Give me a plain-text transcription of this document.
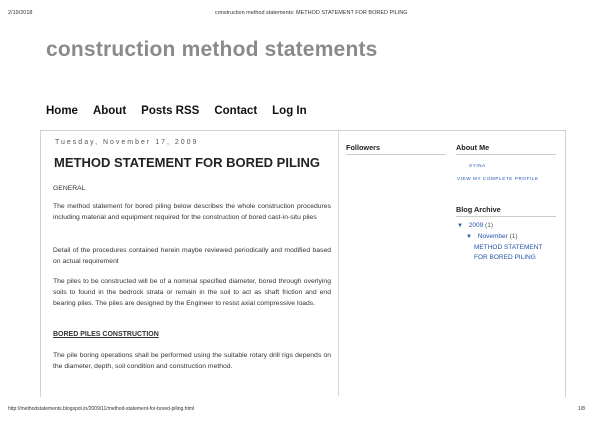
2/19/2018	construction method statements: METHOD STATEMENT FOR BORED PILING
construction method statements
Home About Posts RSS Contact Log In
Tuesday, November 17, 2009
METHOD STATEMENT FOR BORED PILING
GENERAL
The method statement for bored piling below describes the whole construction procedures including material and equipment required for the construction of bored cast-in-situ piles
Detail of the procedures contained herein maybe reviewed periodically and modified based on actual requirement
The piles to be constructed will be of a nominal specified diameter, bored through overlying soils to found in the bedrock strata or remain in the soil to act as shaft friction and end bearing piles. The piles are designed by the Engineer to resist axial compressive loads.
BORED PILES CONSTRUCTION
The pile boring operations shall be performed using the suitable rotary drill rigs depends on the diameter, depth, soil condition and construction method.
Followers	About Me
SYINA
VIEW MY COMPLETE PROFILE
Blog Archive
▼ 2009 (1)
▼ November (1)
METHOD STATEMENT FOR BORED PILING
http://methodstatements.blogspot.in/2009/11/method-statement-for-bored-piling.html	1/8
